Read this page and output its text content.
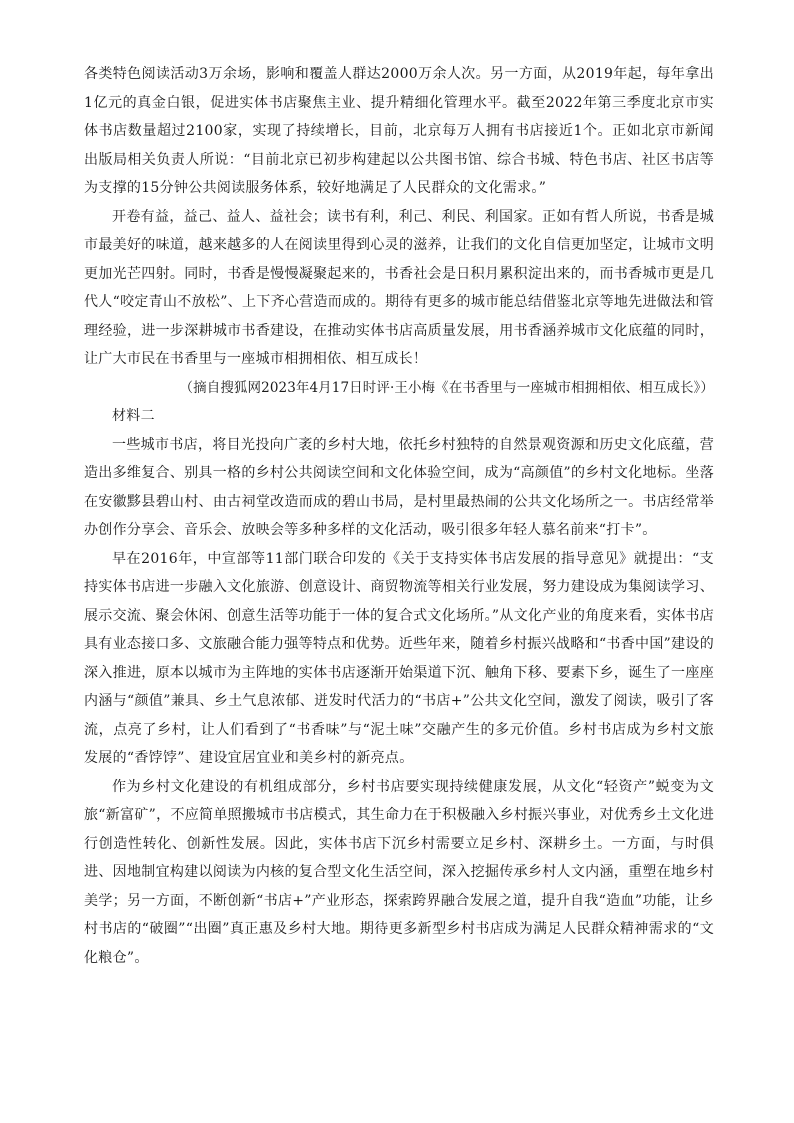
各类特色阅读活动3万余场，影响和覆盖人群达2000万余人次。另一方面，从2019年起，每年拿出1亿元的真金白银，促进实体书店聚焦主业、提升精细化管理水平。截至2022年第三季度北京市实体书店数量超过2100家，实现了持续增长，目前，北京每万人拥有书店接近1个。正如北京市新闻出版局相关负责人所说：“目前北京已初步构建起以公共图书馆、综合书城、特色书店、社区书店等为支撑的15分钟公共阅读服务体系，较好地满足了人民群众的文化需求。”

开卷有益，益己、益人、益社会；读书有利，利己、利民、利国家。正如有哲人所说，书香是城市最美好的味道，越来越多的人在阅读里得到心灵的滋养，让我们的文化自信更加坚定，让城市文明更加光芒四射。同时，书香是慢慢凝聚起来的，书香社会是日积月累积淀出来的，而书香城市更是几代人“咬定青山不放松”、上下齐心营造而成的。期待有更多的城市能总结借鉴北京等地先进做法和管理经验，进一步深耕城市书香建设，在推动实体书店高质量发展，用书香涵养城市文化底蕴的同时，让广大市民在书香里与一座城市相拥相依、相互成长！

（摘自搜狐网2023年4月17日时评·王小梅《在书香里与一座城市相拥相依、相互成长》）

材料二

一些城市书店，将目光投向广袤的乡村大地，依托乡村独特的自然景观资源和历史文化底蕴，营造出多维复合、别具一格的乡村公共阅读空间和文化体验空间，成为“高颜值”的乡村文化地标。坐落在安徽黟县碧山村、由古祠堂改造而成的碧山书局，是村里最热闹的公共文化场所之一。书店经常举办创作分享会、音乐会、放映会等多种多样的文化活动，吸引很多年轻人慕名前来“打卡”。

早在2016年，中宣部等11部门联合印发的《关于支持实体书店发展的指导意见》就提出：“支持实体书店进一步融入文化旅游、创意设计、商贸物流等相关行业发展，努力建设成为集阅读学习、展示交流、聚会休闲、创意生活等功能于一体的复合式文化场所。”从文化产业的角度来看，实体书店具有业态接口多、文旅融合能力强等特点和优势。近些年来，随着乡村振兴战略和“书香中国”建设的深入推进，原本以城市为主阵地的实体书店逐渐开始渠道下沉、触角下移、要素下乡，诞生了一座座内涵与“颜值”兼具、乡土气息浓郁、迸发时代活力的“书店+”公共文化空间，激发了阅读，吸引了客流，点亮了乡村，让人们看到了“书香味”与“泥土味”交融产生的多元价值。乡村书店成为乡村文旅发展的“香饽饽”、建设宜居宜业和美乡村的新亮点。

作为乡村文化建设的有机组成部分，乡村书店要实现持续健康发展，从文化“轻资产”蜕变为文旅“新富矿”，不应简单照搬城市书店模式，其生命力在于积极融入乡村振兴事业，对优秀乡土文化进行创造性转化、创新性发展。因此，实体书店下沉乡村需要立足乡村、深耕乡土。一方面，与时俱进、因地制宜构建以阅读为内核的复合型文化生活空间，深入挖掘传承乡村人文内涵，重塑在地乡村美学；另一方面，不断创新“书店+”产业形态，探索跨界融合发展之道，提升自我“造血”功能，让乡村书店的“破圈”“出圈”真正惠及乡村大地。期待更多新型乡村书店成为满足人民群众精神需求的“文化粮仓”。
